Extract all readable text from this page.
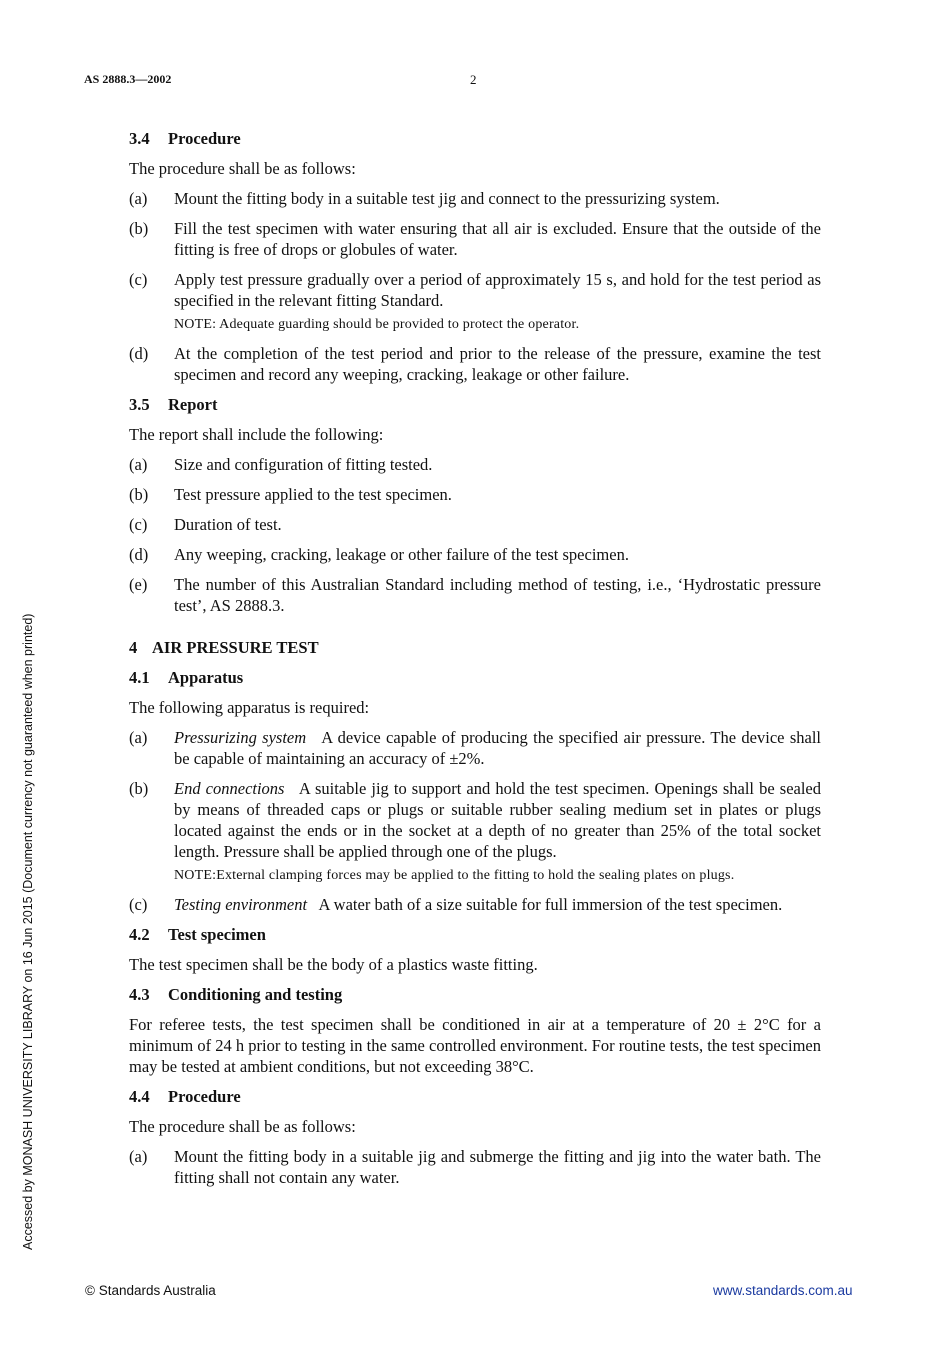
AS 2888.3—2002	2
Accessed by MONASH UNIVERSITY LIBRARY on 16 Jun 2015 (Document currency not guaranteed when printed)
3.4 Procedure

The procedure shall be as follows:

(a)	Mount the fitting body in a suitable test jig and connect to the pressurizing system.
(b)	Fill the test specimen with water ensuring that all air is excluded. Ensure that the outside of the fitting is free of drops or globules of water.
(c)	Apply test pressure gradually over a period of approximately 15 s, and hold for the test period as specified in the relevant fitting Standard.
NOTE: Adequate guarding should be provided to protect the operator.
(d)	At the completion of the test period and prior to the release of the pressure, examine the test specimen and record any weeping, cracking, leakage or other failure.
3.5 Report

The report shall include the following:

(a)	Size and configuration of fitting tested.
(b)	Test pressure applied to the test specimen.
(c)	Duration of test.
(d)	Any weeping, cracking, leakage or other failure of the test specimen.
(e)	The number of this Australian Standard including method of testing, i.e., ‘Hydrostatic pressure test’, AS 2888.3.
4 AIR PRESSURE TEST
4.1 Apparatus

The following apparatus is required:

(a)	Pressurizing system A device capable of producing the specified air pressure. The device shall be capable of maintaining an accuracy of ±2%.
(b)	End connections A suitable jig to support and hold the test specimen. Openings shall be sealed by means of threaded caps or plugs or suitable rubber sealing medium set in plates or plugs located against the ends or in the socket at a depth of no greater than 25% of the total socket length. Pressure shall be applied through one of the plugs.
NOTE:External clamping forces may be applied to the fitting to hold the sealing plates on plugs.
(c)	Testing environment A water bath of a size suitable for full immersion of the test specimen.
4.2 Test specimen

The test specimen shall be the body of a plastics waste fitting.

4.3 Conditioning and testing

For referee tests, the test specimen shall be conditioned in air at a temperature of 20 ± 2°C for a minimum of 24 h prior to testing in the same controlled environment. For routine tests, the test specimen may be tested at ambient conditions, but not exceeding 38°C.

4.4 Procedure

The procedure shall be as follows:

(a)	Mount the fitting body in a suitable jig and submerge the fitting and jig into the water bath. The fitting shall not contain any water.
© Standards Australia	www.standards.com.au
